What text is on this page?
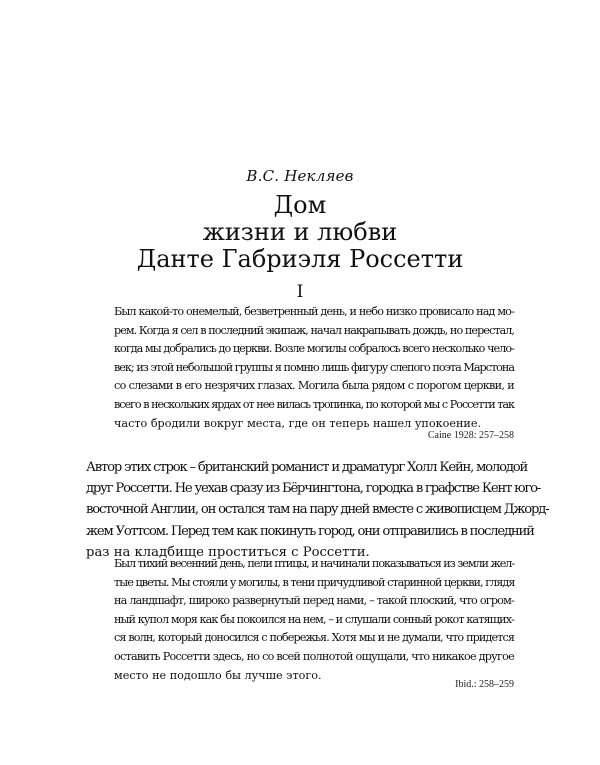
В.С. Некляев
Дом
жизни и любви
Данте Габриэля Россетти
I
Был какой-то онемелый, безветренный день, и небо низко провисало над мо-
рем. Когда я сел в последний экипаж, начал накрапывать дождь, но перестал,
когда мы добрались до церкви. Возле могилы собралось всего несколько чело-
век; из этой небольшой группы я помню лишь фигуру слепого поэта Марстона
со слезами в его незрячих глазах. Могила была рядом с порогом церкви, и
всего в нескольких ярдах от нее вилась тропинка, по которой мы с Россетти так
часто бродили вокруг места, где он теперь нашел упокоение.
Caine 1928: 257–258
Автор этих строк – британский романист и драматург Холл Кейн, молодой
друг Россетти. Не уехав сразу из Бёрчингтона, городка в графстве Кент юго-
восточной Англии, он остался там на пару дней вместе с живописцем Джорд-
жем Уоттсом. Перед тем как покинуть город, они отправились в последний
раз на кладбище проститься с Россетти.
Был тихий весенний день, пели птицы, и начинали показываться из земли жел-
тые цветы. Мы стояли у могилы, в тени причудливой старинной церкви, глядя
на ландшафт, широко развернутый перед нами, – такой плоский, что огром-
ный купол моря как бы покоился на нем, – и слушали сонный рокот катящих-
ся волн, который доносился с побережья. Хотя мы и не думали, что придется
оставить Россетти здесь, но со всей полнотой ощущали, что никакое другое
место не подошло бы лучше этого.
Ibid.: 258–259
